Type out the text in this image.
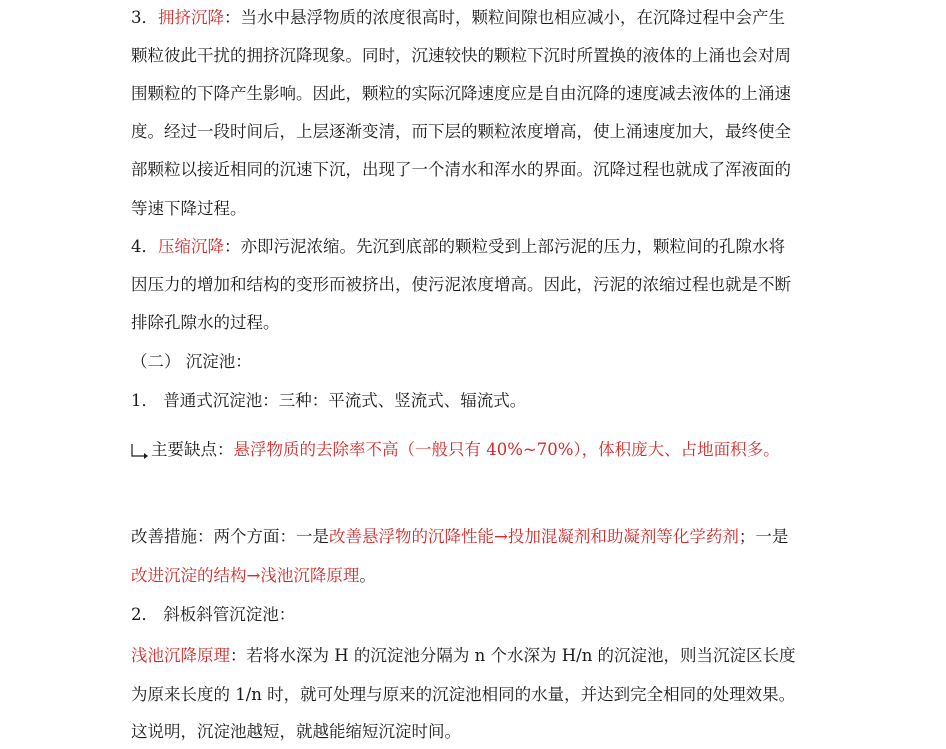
3．拥挤沉降：当水中悬浮物质的浓度很高时，颗粒间隙也相应减小，在沉降过程中会产生
颗粒彼此干扰的拥挤沉降现象。同时，沉速较快的颗粒下沉时所置换的液体的上涌也会对周
围颗粒的下降产生影响。因此，颗粒的实际沉降速度应是自由沉降的速度减去液体的上涌速
度。经过一段时间后，上层逐渐变清，而下层的颗粒浓度增高，使上涌速度加大，最终使全
部颗粒以接近相同的沉速下沉，出现了一个清水和浑水的界面。沉降过程也就成了浑液面的
等速下降过程。
4．压缩沉降：亦即污泥浓缩。先沉到底部的颗粒受到上部污泥的压力，颗粒间的孔隙水将
因压力的增加和结构的变形而被挤出，使污泥浓度增高。因此，污泥的浓缩过程也就是不断
排除孔隙水的过程。
（二） 沉淀池：
1． 普通式沉淀池：三种：平流式、竖流式、辐流式。
主要缺点：悬浮物质的去除率不高（一般只有 40%~70%），体积庞大、占地面积多。
改善措施：两个方面：一是改善悬浮物的沉降性能→投加混凝剂和助凝剂等化学药剂；一是
改进沉淀的结构→浅池沉降原理。
2． 斜板斜管沉淀池：
浅池沉降原理：若将水深为 H 的沉淀池分隔为 n 个水深为 H/n 的沉淀池，则当沉淀区长度
为原来长度的 1/n 时，就可处理与原来的沉淀池相同的水量，并达到完全相同的处理效果。
这说明，沉淀池越短，就越能缩短沉淀时间。
